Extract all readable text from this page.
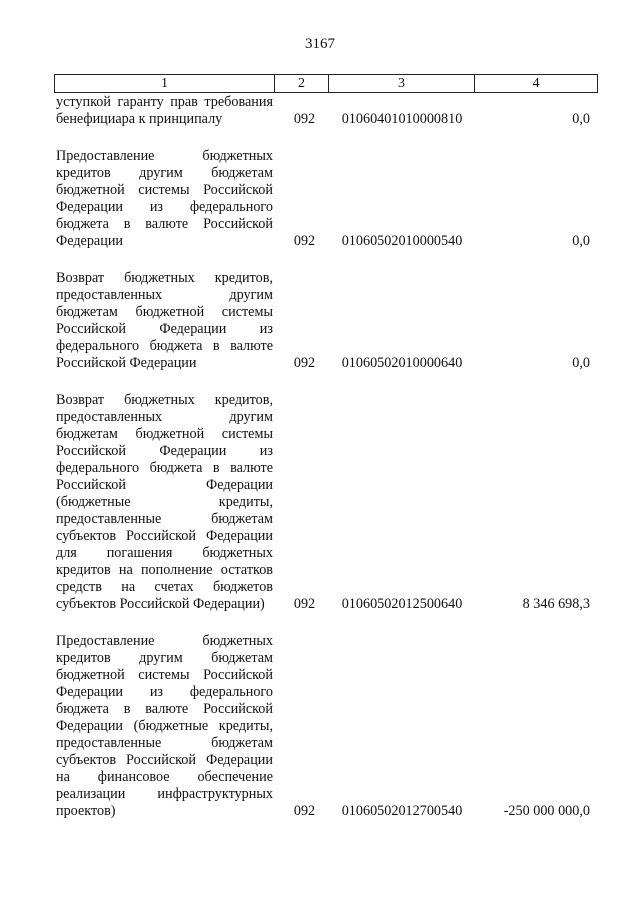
3167
1	2	3	4
уступкой гаранту прав требования бенефициара к принципалу	092	01060401010000810	0,0
Предоставление бюджетных кредитов другим бюджетам бюджетной системы Российской Федерации из федерального бюджета в валюте Российской Федерации	092	01060502010000540	0,0
Возврат бюджетных кредитов, предоставленных другим бюджетам бюджетной системы Российской Федерации из федерального бюджета в валюте Российской Федерации	092	01060502010000640	0,0
Возврат бюджетных кредитов, предоставленных другим бюджетам бюджетной системы Российской Федерации из федерального бюджета в валюте Российской Федерации (бюджетные кредиты, предоставленные бюджетам субъектов Российской Федерации для погашения бюджетных кредитов на пополнение остатков средств на счетах бюджетов субъектов Российской Федерации)	092	01060502012500640	8 346 698,3
Предоставление бюджетных кредитов другим бюджетам бюджетной системы Российской Федерации из федерального бюджета в валюте Российской Федерации (бюджетные кредиты, предоставленные бюджетам субъектов Российской Федерации на финансовое обеспечение реализации инфраструктурных проектов)	092	01060502012700540	-250 000 000,0
